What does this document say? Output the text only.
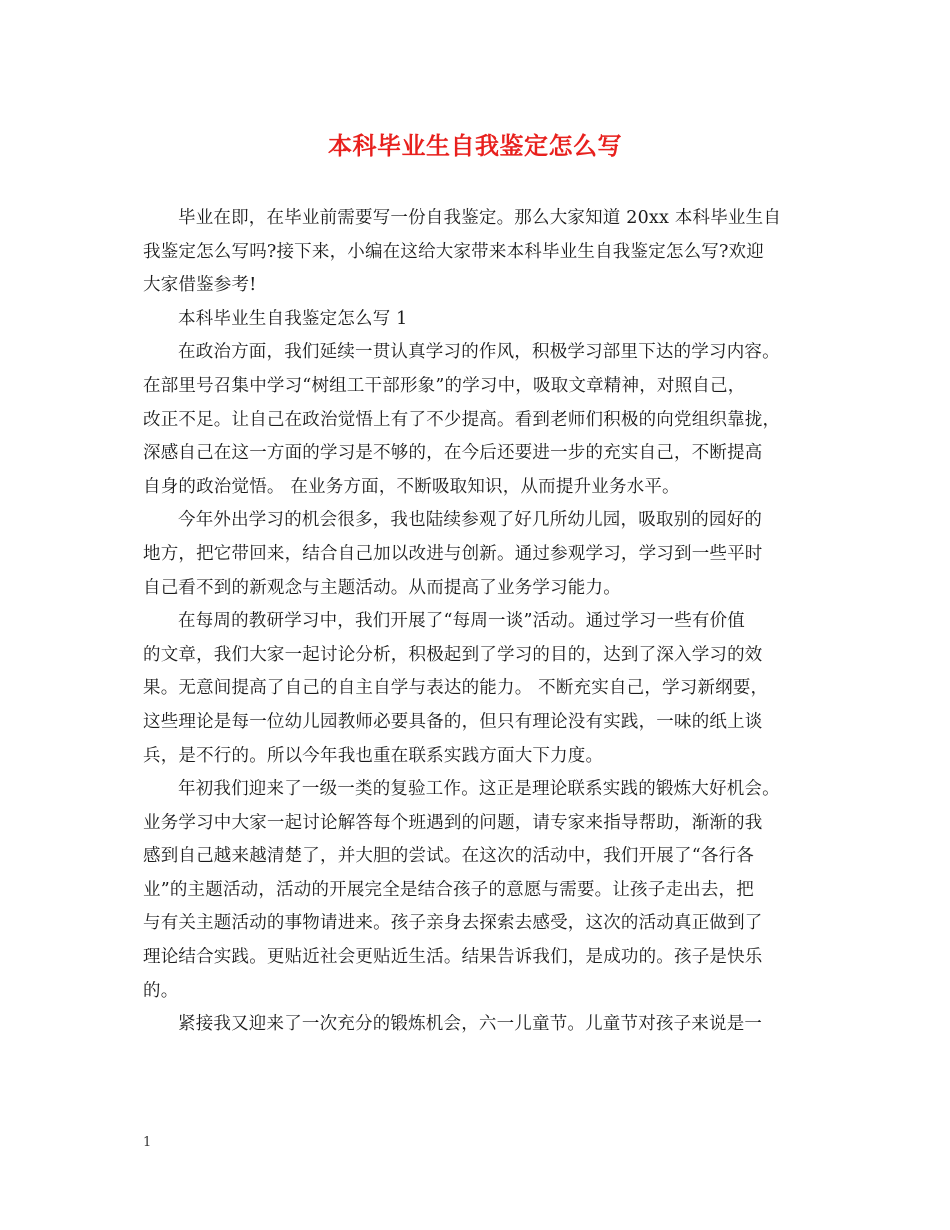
本科毕业生自我鉴定怎么写
毕业在即，在毕业前需要写一份自我鉴定。那么大家知道 20xx 本科毕业生自
我鉴定怎么写吗?接下来，小编在这给大家带来本科毕业生自我鉴定怎么写?欢迎
大家借鉴参考!
本科毕业生自我鉴定怎么写 1
在政治方面，我们延续一贯认真学习的作风，积极学习部里下达的学习内容。
在部里号召集中学习“树组工干部形象”的学习中，吸取文章精神，对照自己，
改正不足。让自己在政治觉悟上有了不少提高。看到老师们积极的向党组织靠拢，
深感自己在这一方面的学习是不够的，在今后还要进一步的充实自己，不断提高
自身的政治觉悟。 在业务方面，不断吸取知识，从而提升业务水平。
今年外出学习的机会很多，我也陆续参观了好几所幼儿园，吸取别的园好的
地方，把它带回来，结合自己加以改进与创新。通过参观学习，学习到一些平时
自己看不到的新观念与主题活动。从而提高了业务学习能力。
在每周的教研学习中，我们开展了“每周一谈”活动。通过学习一些有价值
的文章，我们大家一起讨论分析，积极起到了学习的目的，达到了深入学习的效
果。无意间提高了自己的自主自学与表达的能力。 不断充实自己，学习新纲要，
这些理论是每一位幼儿园教师必要具备的，但只有理论没有实践，一味的纸上谈
兵，是不行的。所以今年我也重在联系实践方面大下力度。
年初我们迎来了一级一类的复验工作。这正是理论联系实践的锻炼大好机会。
业务学习中大家一起讨论解答每个班遇到的问题，请专家来指导帮助，渐渐的我
感到自己越来越清楚了，并大胆的尝试。在这次的活动中，我们开展了“各行各
业”的主题活动，活动的开展完全是结合孩子的意愿与需要。让孩子走出去，把
与有关主题活动的事物请进来。孩子亲身去探索去感受，这次的活动真正做到了
理论结合实践。更贴近社会更贴近生活。结果告诉我们，是成功的。孩子是快乐
的。
紧接我又迎来了一次充分的锻炼机会，六一儿童节。儿童节对孩子来说是一
1
